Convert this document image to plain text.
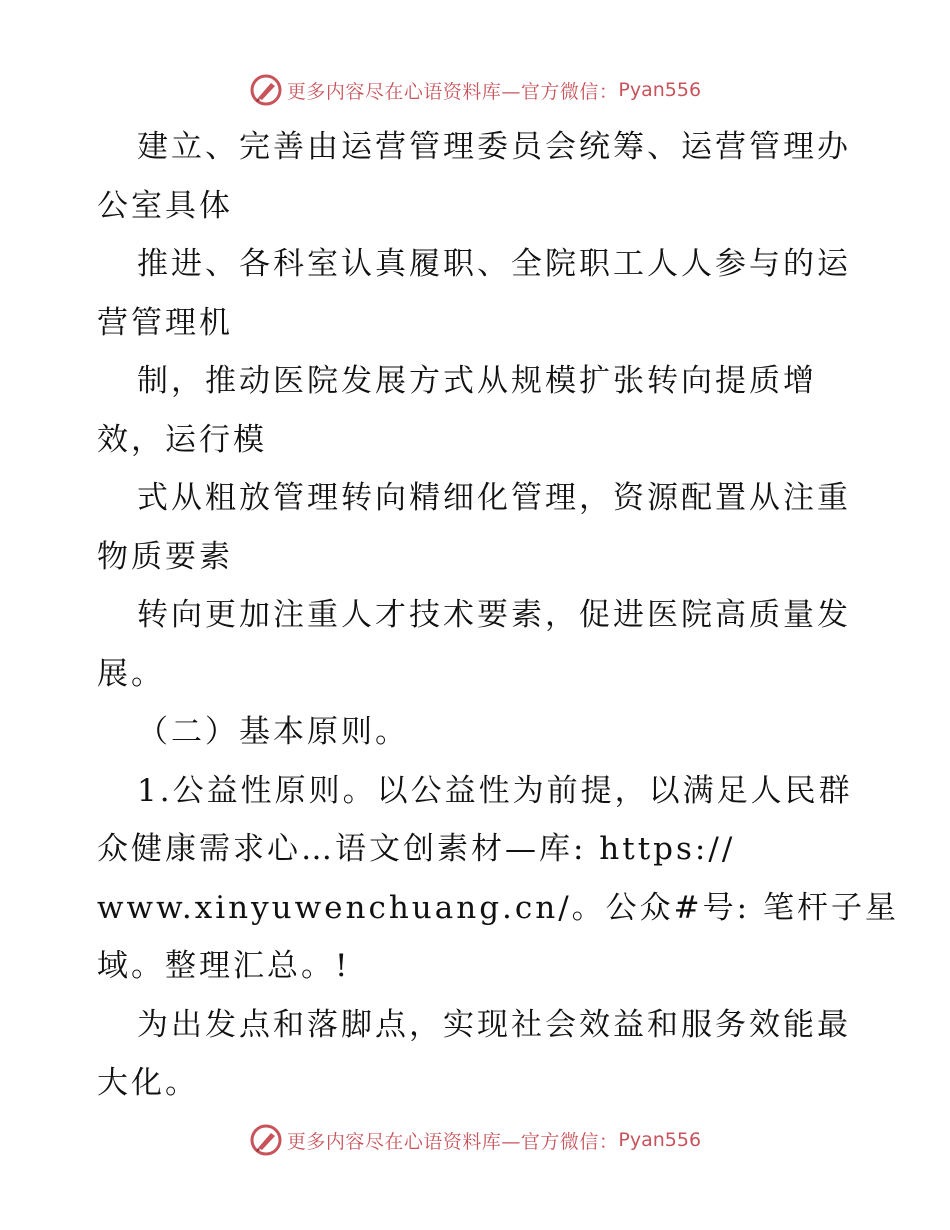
更多内容尽在心语资料库—官方微信： Pyan556
建立、完善由运营管理委员会统筹、运营管理办
公室具体
推进、各科室认真履职、全院职工人人参与的运
营管理机
制，推动医院发展方式从规模扩张转向提质增
效，运行模
式从粗放管理转向精细化管理，资源配置从注重
物质要素
转向更加注重人才技术要素，促进医院高质量发
展。
（二）基本原则。
1.公益性原则。以公益性为前提，以满足人民群
众健康需求心…语文创素材—库: https://
www.xinyuwenchuang.cn/。公众#号: 笔杆子星
域。整理汇总。!
为出发点和落脚点，实现社会效益和服务效能最
大化。
更多内容尽在心语资料库—官方微信： Pyan556
